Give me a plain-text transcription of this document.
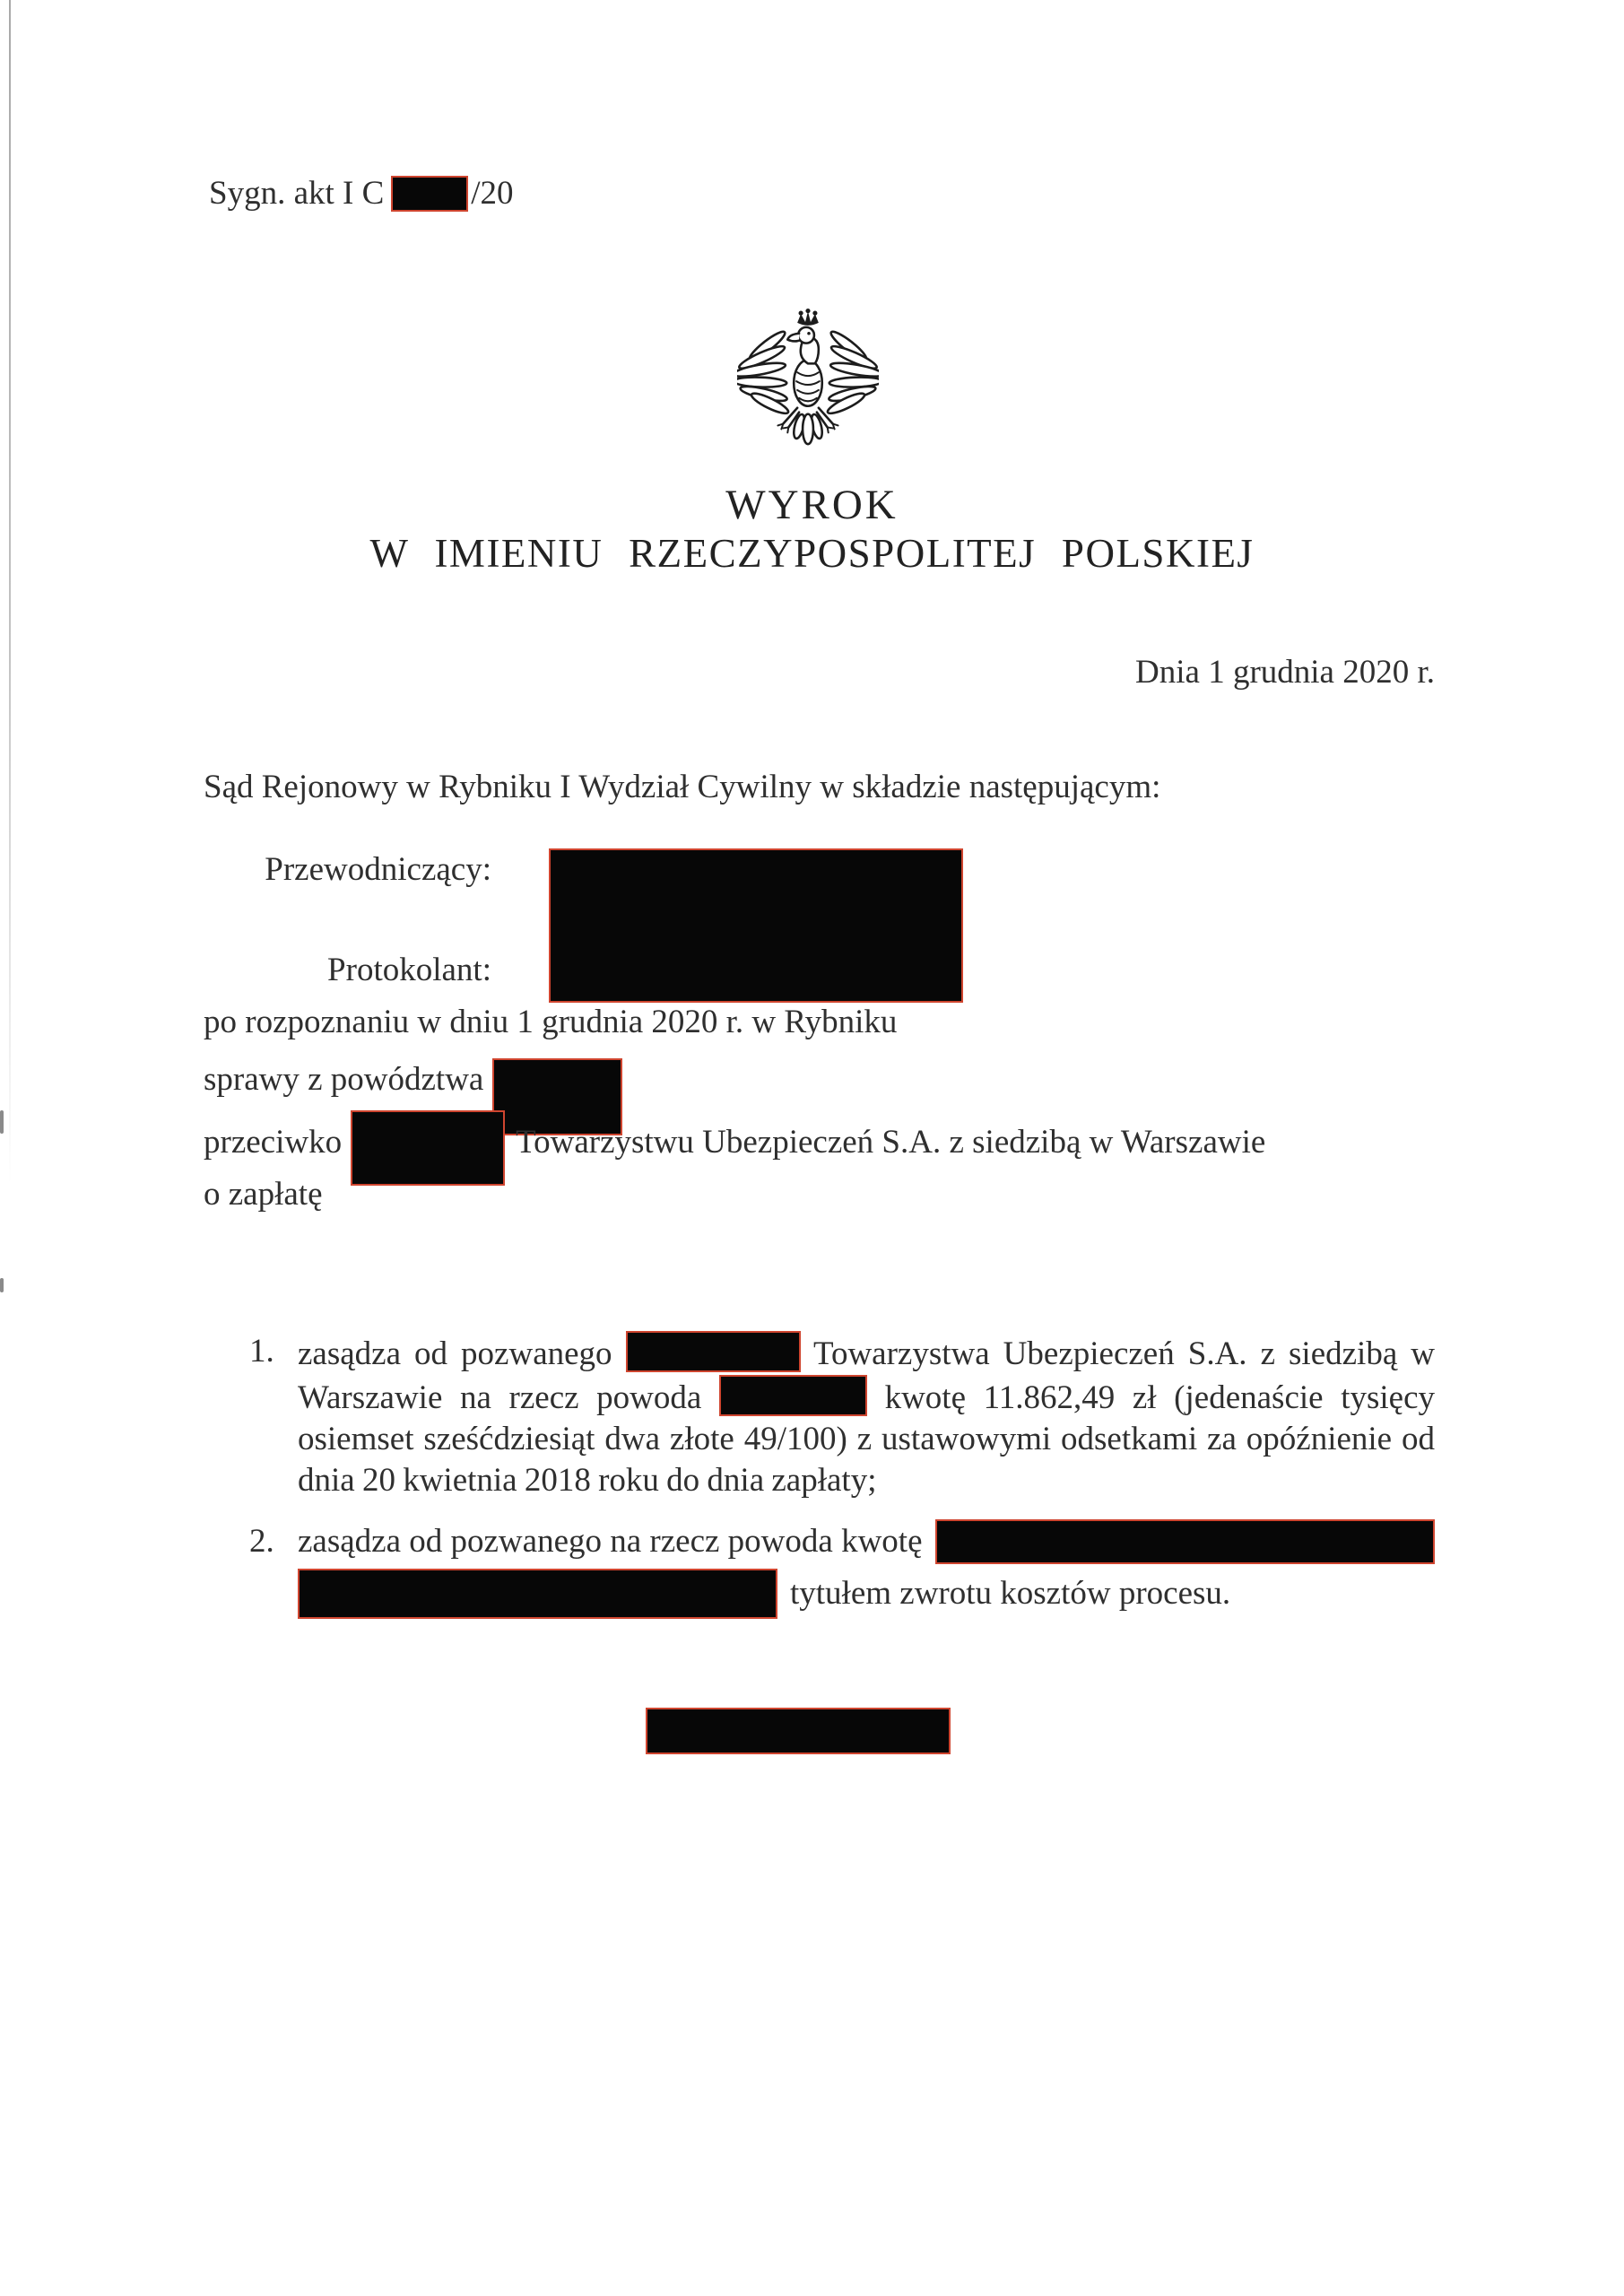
Sygn. akt I C	/20
WYROK
W IMIENIU RZECZYPOSPOLITEJ POLSKIEJ
Dnia 1 grudnia 2020 r.
Sąd Rejonowy w Rybniku I Wydział Cywilny w składzie następującym:
Przewodniczący:
Protokolant:
po rozpoznaniu w dniu 1 grudnia 2020 r. w Rybniku
sprawy z powództwa
przeciwko	Towarzystwu Ubezpieczeń S.A. z siedzibą w Warszawie
o zapłatę
1. zasądza od pozwanego	Towarzystwa Ubezpieczeń S.A. z siedzibą w Warszawie na rzecz powoda	kwotę 11.862,49 zł (jedenaście tysięcy osiemset sześćdziesiąt dwa złote 49/100) z ustawowymi odsetkami za opóźnienie od dnia 20 kwietnia 2018 roku do dnia zapłaty;

2. zasądza od pozwanego na rzecz powoda kwotę
tytułem zwrotu kosztów procesu.
